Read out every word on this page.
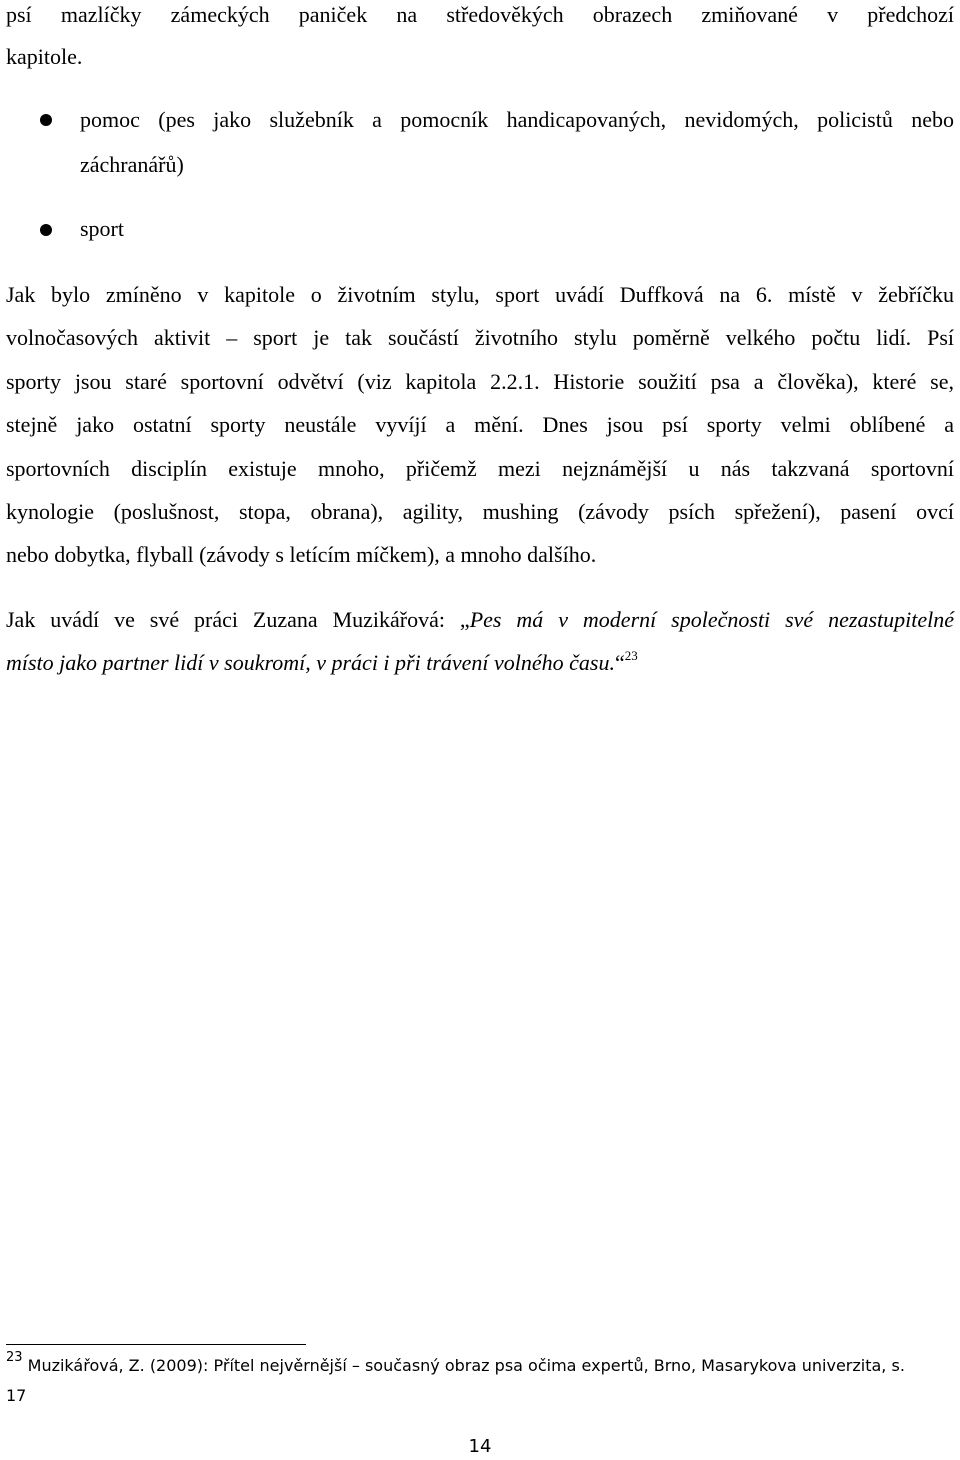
psí mazlíčky zámeckých paniček na středověkých obrazech zmiňované v předchozí
kapitole.
pomoc (pes jako služebník a pomocník handicapovaných, nevidomých, policistů nebo
záchranářů)
sport
Jak bylo zmíněno v kapitole o životním stylu, sport uvádí Duffková na 6. místě v žebříčku
volnočasových aktivit – sport je tak součástí životního stylu poměrně velkého počtu lidí. Psí
sporty jsou staré sportovní odvětví (viz kapitola 2.2.1. Historie soužití psa a člověka), které se,
stejně jako ostatní sporty neustále vyvíjí a mění. Dnes jsou psí sporty velmi oblíbené a
sportovních disciplín existuje mnoho, přičemž mezi nejznámější u nás takzvaná sportovní
kynologie (poslušnost, stopa, obrana), agility, mushing (závody psích spřežení), pasení ovcí
nebo dobytka, flyball (závody s letícím míčkem), a mnoho dalšího.
Jak uvádí ve své práci Zuzana Muzikářová: „Pes má v moderní společnosti své nezastupitelné
místo jako partner lidí v soukromí, v práci i při trávení volného času.“$^{23}$
$^{23}$ Muzikářová, Z. (2009): Přítel nejvěrnější – současný obraz psa očima expertů, Brno, Masarykova univerzita, s.
17
14
